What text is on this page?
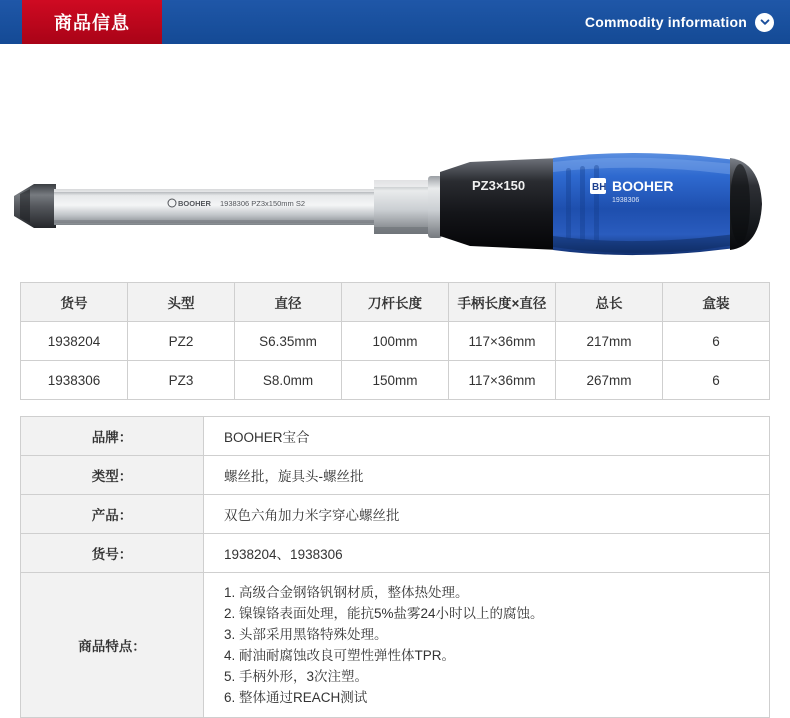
商品信息	Commodity information
BOOHER 1938306 PZ3x150mm S2
PZ3×150	BH BOOHER
1938306
货号	头型	直径	刀杆长度	手柄长度×直径	总长	盒装
1938204	PZ2	S6.35mm	100mm	117×36mm	217mm	6
1938306	PZ3	S8.0mm	150mm	117×36mm	267mm	6
品牌：	BOOHER宝合
类型：	螺丝批，旋具头-螺丝批
产品：	双色六角加力米字穿心螺丝批
货号：	1938204、1938306
商品特点：	
1. 高级合金钢铬钒钢材质，整体热处理。
2. 镍镍铬表面处理，能抗5%盐雾24小时以上的腐蚀。
3. 头部采用黑铬特殊处理。
4. 耐油耐腐蚀改良可塑性弹性体TPR。
5. 手柄外形，3次注塑。
6. 整体通过REACH测试
